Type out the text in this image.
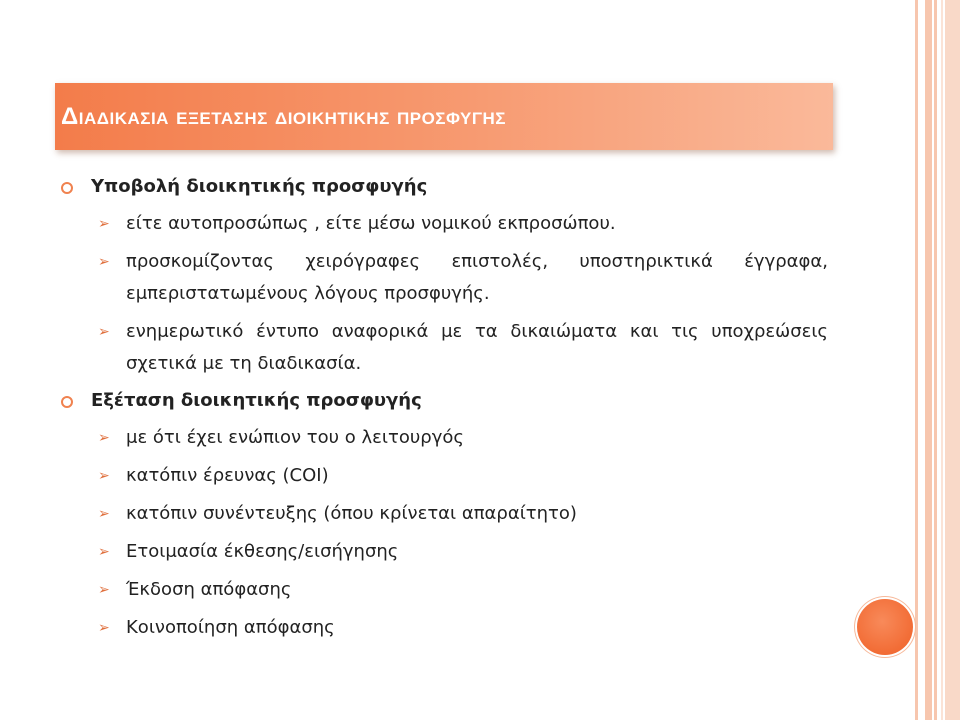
Διαδικασια εξετασης διοικητικης προσφυγης
Υποβολή διοικητικής προσφυγής
➢ είτε αυτοπροσώπως , είτε μέσω νομικού εκπροσώπου.
➢ προσκομίζοντας χειρόγραφες επιστολές, υποστηρικτικά έγγραφα, εμπεριστατωμένους λόγους προσφυγής.
➢ ενημερωτικό έντυπο αναφορικά με τα δικαιώματα και τις υποχρεώσεις σχετικά με τη διαδικασία.
Εξέταση διοικητικής προσφυγής
➢ με ότι έχει ενώπιον του ο λειτουργός
➢ κατόπιν έρευνας (COI)
➢ κατόπιν συνέντευξης (όπου κρίνεται απαραίτητο)
➢ Ετοιμασία έκθεσης/εισήγησης
➢ Έκδοση απόφασης
➢ Κοινοποίηση απόφασης
